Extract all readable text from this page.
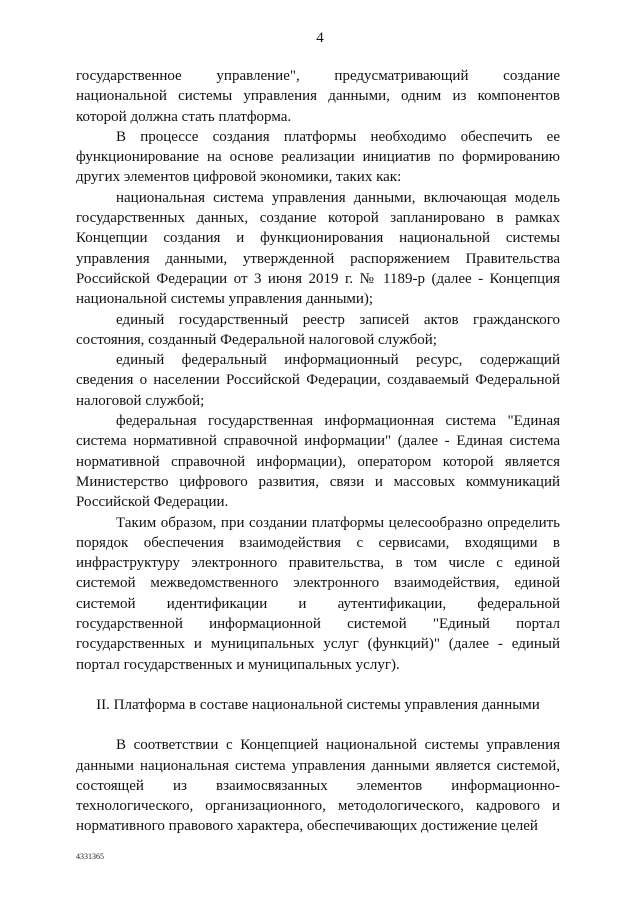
4

государственное управление", предусматривающий создание национальной системы управления данными, одним из компонентов которой должна стать платформа.

В процессе создания платформы необходимо обеспечить ее функционирование на основе реализации инициатив по формированию других элементов цифровой экономики, таких как:

национальная система управления данными, включающая модель государственных данных, создание которой запланировано в рамках Концепции создания и функционирования национальной системы управления данными, утвержденной распоряжением Правительства Российской Федерации от 3 июня 2019 г. № 1189-р (далее - Концепция национальной системы управления данными);

единый государственный реестр записей актов гражданского состояния, созданный Федеральной налоговой службой;

единый федеральный информационный ресурс, содержащий сведения о населении Российской Федерации, создаваемый Федеральной налоговой службой;

федеральная государственная информационная система "Единая система нормативной справочной информации" (далее - Единая система нормативной справочной информации), оператором которой является Министерство цифрового развития, связи и массовых коммуникаций Российской Федерации.

Таким образом, при создании платформы целесообразно определить порядок обеспечения взаимодействия с сервисами, входящими в инфраструктуру электронного правительства, в том числе с единой системой межведомственного электронного взаимодействия, единой системой идентификации и аутентификации, федеральной государственной информационной системой "Единый портал государственных и муниципальных услуг (функций)" (далее - единый портал государственных и муниципальных услуг).

II. Платформа в составе национальной системы управления данными

В соответствии с Концепцией национальной системы управления данными национальная система управления данными является системой, состоящей из взаимосвязанных элементов информационно-технологического, организационного, методологического, кадрового и нормативного правового характера, обеспечивающих достижение целей

4331365
